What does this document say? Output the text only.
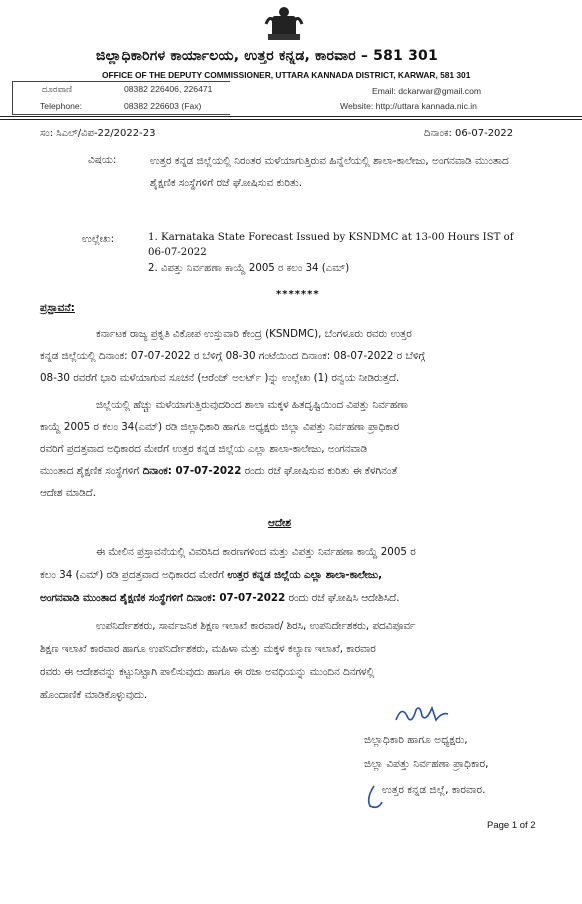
ಜಿಲ್ಲಾಧಿಕಾರಿಗಳ ಕಾರ್ಯಾಲಯ, ಉತ್ತರ ಕನ್ನಡ, ಕಾರವಾರ – 581 301
OFFICE OF THE DEPUTY COMMISSIONER, UTTARA KANNADA DISTRICT, KARWAR, 581 301
ದೂರವಾಣಿ	08382 226406, 226471	Email: dckarwar@gmail.com
Telephone:	08382 226603 (Fax)	Website: http://uttara kannada.nic.in
ಸಂ: ಸಿಎಲ್/ವಿಪ-22/2022-23	ದಿನಾಂಕ: 06-07-2022
ವಿಷಯ:	ಉತ್ತರ ಕನ್ನಡ ಜಿಲ್ಲೆಯಲ್ಲಿ ನಿರಂತರ ಮಳೆಯಾಗುತ್ತಿರುವ ಹಿನ್ನೆಲೆಯಲ್ಲಿ ಶಾಲಾ-ಕಾಲೇಜು, ಅಂಗನವಾಡಿ ಮುಂತಾದ ಶೈಕ್ಷಣಿಕ ಸಂಸ್ಥೆಗಳಿಗೆ ರಜೆ ಘೋಷಿಸುವ ಕುರಿತು.
ಉಲ್ಲೇಖ:	1. Karnataka State Forecast Issued by KSNDMC at 13-00 Hours IST of 06-07-2022
2. ವಿಪತ್ತು ನಿರ್ವಹಣಾ ಕಾಯ್ದೆ 2005 ರ ಕಲಂ 34 (ಎಮ್)
*******
ಪ್ರಸ್ತಾವನೆ:
ಕರ್ನಾಟಕ ರಾಜ್ಯ ಪ್ರಕೃತಿ ವಿಕೋಪ ಉಸ್ತುವಾರಿ ಕೇಂದ್ರ (KSNDMC), ಬೆಂಗಳೂರು ರವರು ಉತ್ತರ
ಕನ್ನಡ ಜಿಲ್ಲೆಯಲ್ಲಿ ದಿನಾಂಕ: 07-07-2022 ರ ಬೆಳಿಗ್ಗೆ 08-30 ಗಂಟೆಯಿಂದ ದಿನಾಂಕ: 08-07-2022 ರ ಬೆಳಿಗ್ಗೆ
08-30 ರವರೆಗೆ ಭಾರಿ ಮಳೆಯಾಗುವ ಸೂಚನೆ (ಆರೆಂಜ್ ಅಲರ್ಟ್ )ನ್ನು ಉಲ್ಲೇಖ (1) ರನ್ವಯ ನೀಡಿರುತ್ತದೆ.
ಜಿಲ್ಲೆಯಲ್ಲಿ ಹೆಚ್ಚು ಮಳೆಯಾಗುತ್ತಿರುವುದರಿಂದ ಶಾಲಾ ಮಕ್ಕಳ ಹಿತದೃಷ್ಟಿಯಿಂದ ವಿಪತ್ತು ನಿರ್ವಹಣಾ
ಕಾಯ್ದೆ 2005 ರ ಕಲಂ 34(ಎಮ್) ರಡಿ ಜಿಲ್ಲಾಧಿಕಾರಿ ಹಾಗೂ ಅಧ್ಯಕ್ಷರು ಜಿಲ್ಲಾ ವಿಪತ್ತು ನಿರ್ವಹಣಾ ಪ್ರಾಧಿಕಾರ
ರವರಿಗೆ ಪ್ರದತ್ತವಾದ ಅಧಿಕಾರದ ಮೇರೆಗೆ ಉತ್ತರ ಕನ್ನಡ ಜಿಲ್ಲೆಯ ಎಲ್ಲಾ ಶಾಲಾ-ಕಾಲೇಜು, ಅಂಗನವಾಡಿ
ಮುಂತಾದ ಶೈಕ್ಷಣಿಕ ಸಂಸ್ಥೆಗಳಿಗೆ ದಿನಾಂಕ: 07-07-2022 ರಂದು ರಜೆ ಘೋಷಿಸುವ ಕುರಿತು ಈ ಕೆಳಗಿನಂತೆ
ಆದೇಶ ಮಾಡಿದೆ.
ಆದೇಶ
ಈ ಮೇಲಿನ ಪ್ರಸ್ತಾವನೆಯಲ್ಲಿ ವಿವರಿಸಿದ ಕಾರಣಗಳಿಂದ ಮತ್ತು ವಿಪತ್ತು ನಿರ್ವಹಣಾ ಕಾಯ್ದೆ 2005 ರ
ಕಲಂ 34 (ಎಮ್) ರಡಿ ಪ್ರದತ್ತವಾದ ಅಧಿಕಾರದ ಮೇರೆಗೆ ಉತ್ತರ ಕನ್ನಡ ಜಿಲ್ಲೆಯ ಎಲ್ಲಾ ಶಾಲಾ-ಕಾಲೇಜು,
ಅಂಗನವಾಡಿ ಮುಂತಾದ ಶೈಕ್ಷಣಿಕ ಸಂಸ್ಥೆಗಳಿಗೆ ದಿನಾಂಕ: 07-07-2022 ರಂದು ರಜೆ ಘೋಷಿಸಿ ಆದೇಶಿಸಿದೆ.
ಉಪನಿರ್ದೇಶಕರು, ಸಾರ್ವಜನಿಕ ಶಿಕ್ಷಣ ಇಲಾಖೆ ಕಾರವಾರ/ ಶಿರಸಿ, ಉಪನಿರ್ದೇಶಕರು, ಪದವಿಪೂರ್ವ
ಶಿಕ್ಷಣ ಇಲಾಖೆ ಕಾರವಾರ ಹಾಗೂ ಉಪನಿರ್ದೇಶಕರು, ಮಹಿಳಾ ಮತ್ತು ಮಕ್ಕಳ ಕಲ್ಯಾಣ ಇಲಾಖೆ, ಕಾರವಾರ
ರವರು ಈ ಆದೇಶವನ್ನು ಕಟ್ಟುನಿಟ್ಟಾಗಿ ಪಾಲಿಸುವುದು ಹಾಗೂ ಈ ರಜಾ ಅವಧಿಯನ್ನು ಮುಂದಿನ ದಿನಗಳಲ್ಲಿ
ಹೊಂದಾಣಿಕೆ ಮಾಡಿಕೊಳ್ಳುವುದು.
ಜಿಲ್ಲಾಧಿಕಾರಿ ಹಾಗೂ ಅಧ್ಯಕ್ಷರು,
ಜಿಲ್ಲಾ ವಿಪತ್ತು ನಿರ್ವಹಣಾ ಪ್ರಾಧಿಕಾರ,
ಉತ್ತರ ಕನ್ನಡ ಜಿಲ್ಲೆ, ಕಾರವಾರ.
Page 1 of 2
